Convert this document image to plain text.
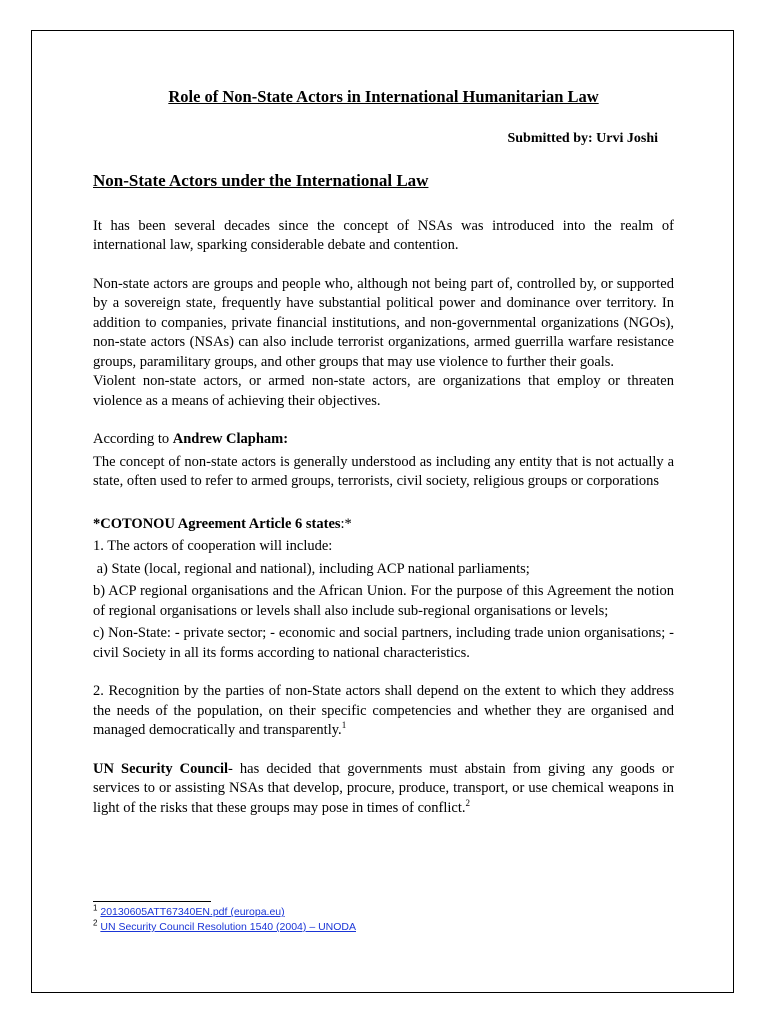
Role of Non-State Actors in International Humanitarian Law
Submitted by: Urvi Joshi
Non-State Actors under the International Law

It has been several decades since the concept of NSAs was introduced into the realm of international law, sparking considerable debate and contention.

Non-state actors are groups and people who, although not being part of, controlled by, or supported by a sovereign state, frequently have substantial political power and dominance over territory. In addition to companies, private financial institutions, and non-governmental organizations (NGOs), non-state actors (NSAs) can also include terrorist organizations, armed guerrilla warfare resistance groups, paramilitary groups, and other groups that may use violence to further their goals.

Violent non-state actors, or armed non-state actors, are organizations that employ or threaten violence as a means of achieving their objectives.

According to Andrew Clapham:

The concept of non-state actors is generally understood as including any entity that is not actually a state, often used to refer to armed groups, terrorists, civil society, religious groups or corporations

*COTONOU Agreement Article 6 states:*

1. The actors of cooperation will include:

a) State (local, regional and national), including ACP national parliaments;

b) ACP regional organisations and the African Union. For the purpose of this Agreement the notion of regional organisations or levels shall also include sub-regional organisations or levels;

c) Non-State: - private sector; - economic and social partners, including trade union organisations; - civil Society in all its forms according to national characteristics.

2. Recognition by the parties of non-State actors shall depend on the extent to which they address the needs of the population, on their specific competencies and whether they are organised and managed democratically and transparently.$^1$

UN Security Council- has decided that governments must abstain from giving any goods or services to or assisting NSAs that develop, procure, produce, transport, or use chemical weapons in light of the risks that these groups may pose in times of conflict.$^2$

$^1$ 20130605ATT67340EN.pdf (europa.eu)
$^2$ UN Security Council Resolution 1540 (2004) – UNODA
